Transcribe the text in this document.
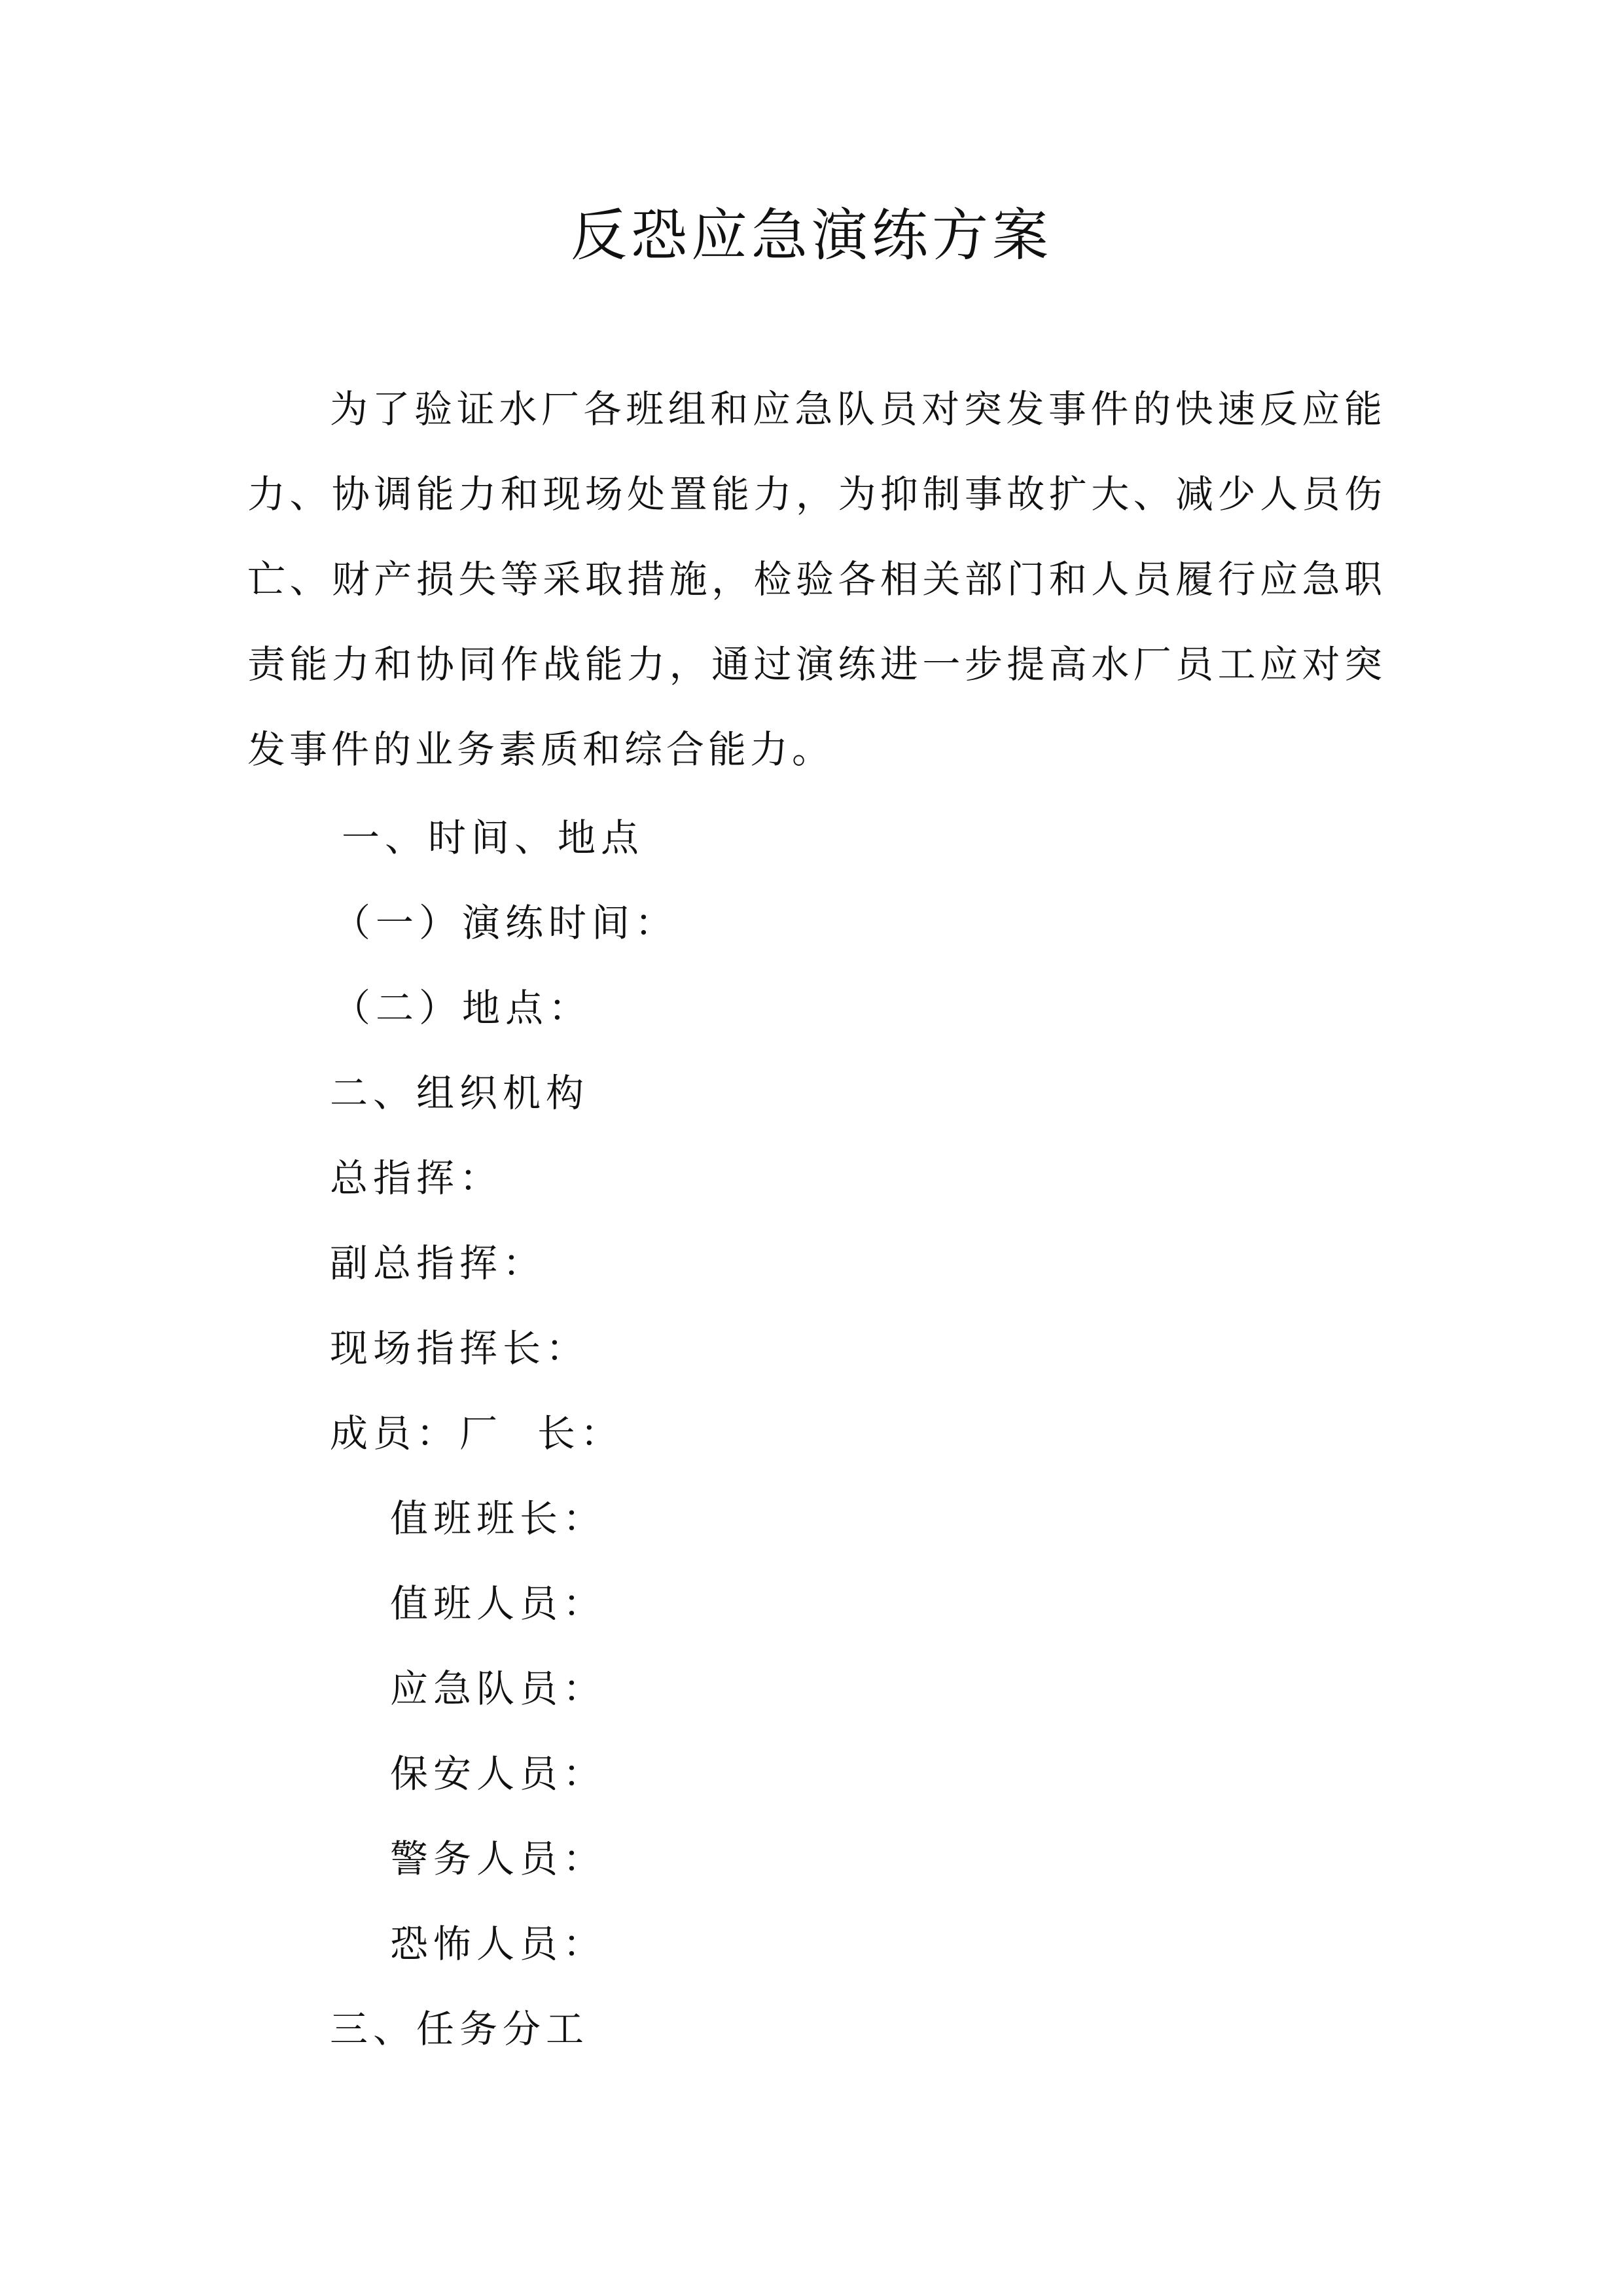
反恐应急演练方案
为了验证水厂各班组和应急队员对突发事件的快速反应能力、协调能力和现场处置能力，为抑制事故扩大、减少人员伤亡、财产损失等采取措施，检验各相关部门和人员履行应急职责能力和协同作战能力，通过演练进一步提高水厂员工应对突发事件的业务素质和综合能力。
一、时间、地点
（一）演练时间：
（二）地点：
二、组织机构
总指挥：
副总指挥：
现场指挥长：
成员：厂  长：
值班班长：
值班人员：
应急队员：
保安人员：
警务人员：
恐怖人员：
三、任务分工
